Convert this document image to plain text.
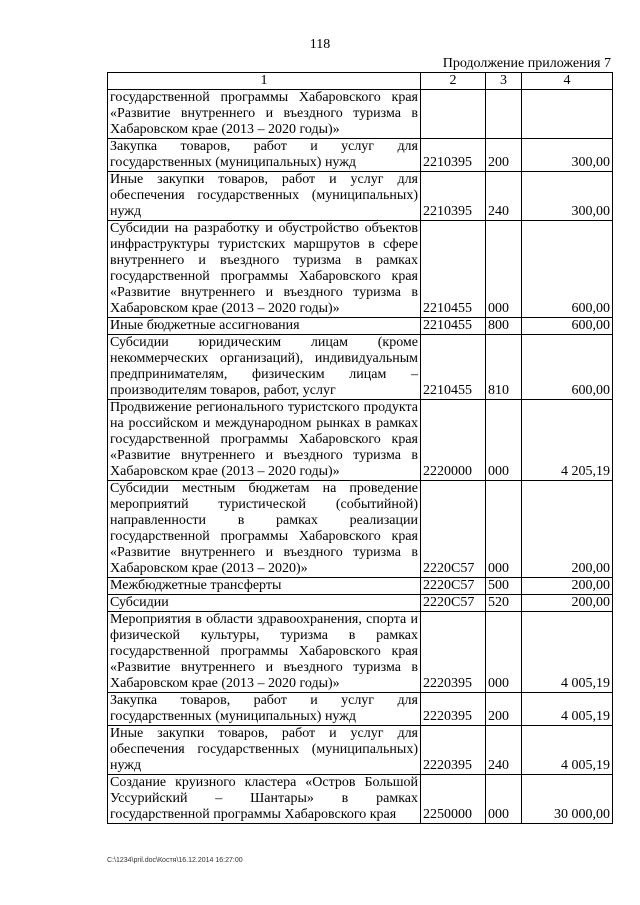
118
Продолжение приложения 7
1	2	3	4
государственной программы Хабаровского края «Развитие внутреннего и въездного туризма в Хабаровском крае (2013 – 2020 годы)»			
Закупка товаров, работ и услуг для государственных (муниципальных) нужд	2210395	200	300,00
Иные закупки товаров, работ и услуг для обеспечения государственных (муниципальных) нужд	2210395	240	300,00
Субсидии на разработку и обустройство объектов инфраструктуры туристских маршрутов в сфере внутреннего и въездного туризма в рамках государственной программы Хабаровского края «Развитие внутреннего и въездного туризма в Хабаровском крае (2013 – 2020 годы)»	2210455	000	600,00
Иные бюджетные ассигнования	2210455	800	600,00
Субсидии юридическим лицам (кроме некоммерческих организаций), индивидуальным предпринимателям, физическим лицам – производителям товаров, работ, услуг	2210455	810	600,00
Продвижение регионального туристского продукта на российском и международном рынках в рамках государственной программы Хабаровского края «Развитие внутреннего и въездного туризма в Хабаровском крае (2013 – 2020 годы)»	2220000	000	4 205,19
Субсидии местным бюджетам на проведение мероприятий туристической (событийной) направленности в рамках реализации государственной программы Хабаровского края «Развитие внутреннего и въездного туризма в Хабаровском крае (2013 – 2020)»	2220С57	000	200,00
Межбюджетные трансферты	2220С57	500	200,00
Субсидии	2220С57	520	200,00
Мероприятия в области здравоохранения, спорта и физической культуры, туризма в рамках государственной программы Хабаровского края «Развитие внутреннего и въездного туризма в Хабаровском крае (2013 – 2020 годы)»	2220395	000	4 005,19
Закупка товаров, работ и услуг для государственных (муниципальных) нужд	2220395	200	4 005,19
Иные закупки товаров, работ и услуг для обеспечения государственных (муниципальных) нужд	2220395	240	4 005,19
Создание круизного кластера «Остров Большой Уссурийский – Шантары» в рамках государственной программы Хабаровского края	2250000	000	30 000,00
C:\1234\pril.doc\Костя\16.12.2014 16:27:00
